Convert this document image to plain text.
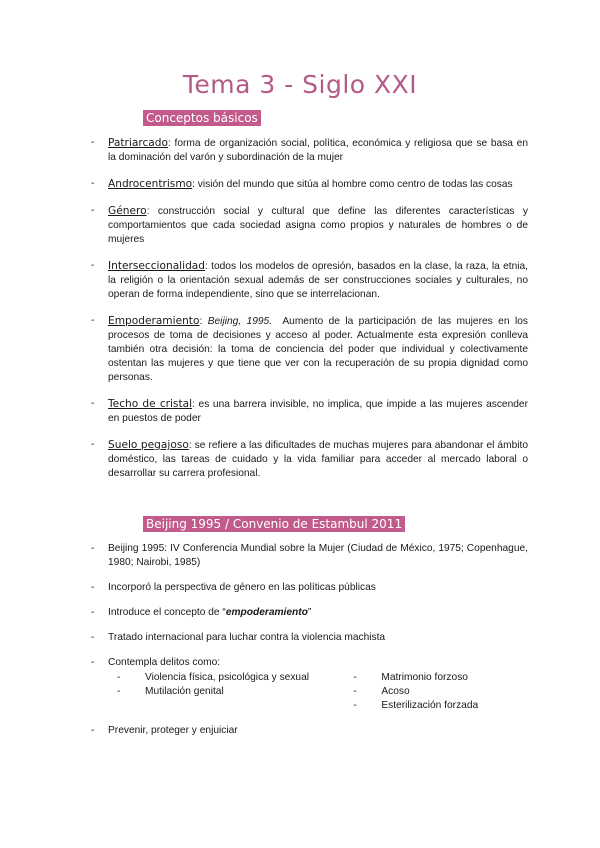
Tema 3 - Siglo XXI
Conceptos básicos
- Patriarcado: forma de organización social, política, económica y religiosa que se basa en la dominación del varón y subordinación de la mujer
- Androcentrismo: visión del mundo que sitúa al hombre como centro de todas las cosas
- Género: construcción social y cultural que define las diferentes características y comportamientos que cada sociedad asigna como propios y naturales de hombres o de mujeres
- Interseccionalidad: todos los modelos de opresión, basados en la clase, la raza, la etnia, la religión o la orientación sexual además de ser construcciones sociales y culturales, no operan de forma independiente, sino que se interrelacionan.
- Empoderamiento: Beijing, 1995. Aumento de la participación de las mujeres en los procesos de toma de decisiones y acceso al poder. Actualmente esta expresión conlleva también otra decisión: la toma de conciencia del poder que individual y colectivamente ostentan las mujeres y que tiene que ver con la recuperación de su propia dignidad como personas.
- Techo de cristal: es una barrera invisible, no implica, que impide a las mujeres ascender en puestos de poder
- Suelo pegajoso: se refiere a las dificultades de muchas mujeres para abandonar el ámbito doméstico, las tareas de cuidado y la vida familiar para acceder al mercado laboral o desarrollar su carrera profesional.
Beijing 1995 / Convenio de Estambul 2011
- Beijing 1995: IV Conferencia Mundial sobre la Mujer (Ciudad de México, 1975; Copenhague, 1980; Nairobi, 1985)
- Incorporó la perspectiva de género en las políticas públicas
- Introduce el concepto de “empoderamiento”
- Tratado internacional para luchar contra la violencia machista
- Contempla delitos como:
- Violencia física, psicológica y sexual
- Mutilación genital
- Matrimonio forzoso
- Acoso
- Esterilización forzada
- Prevenir, proteger y enjuiciar
